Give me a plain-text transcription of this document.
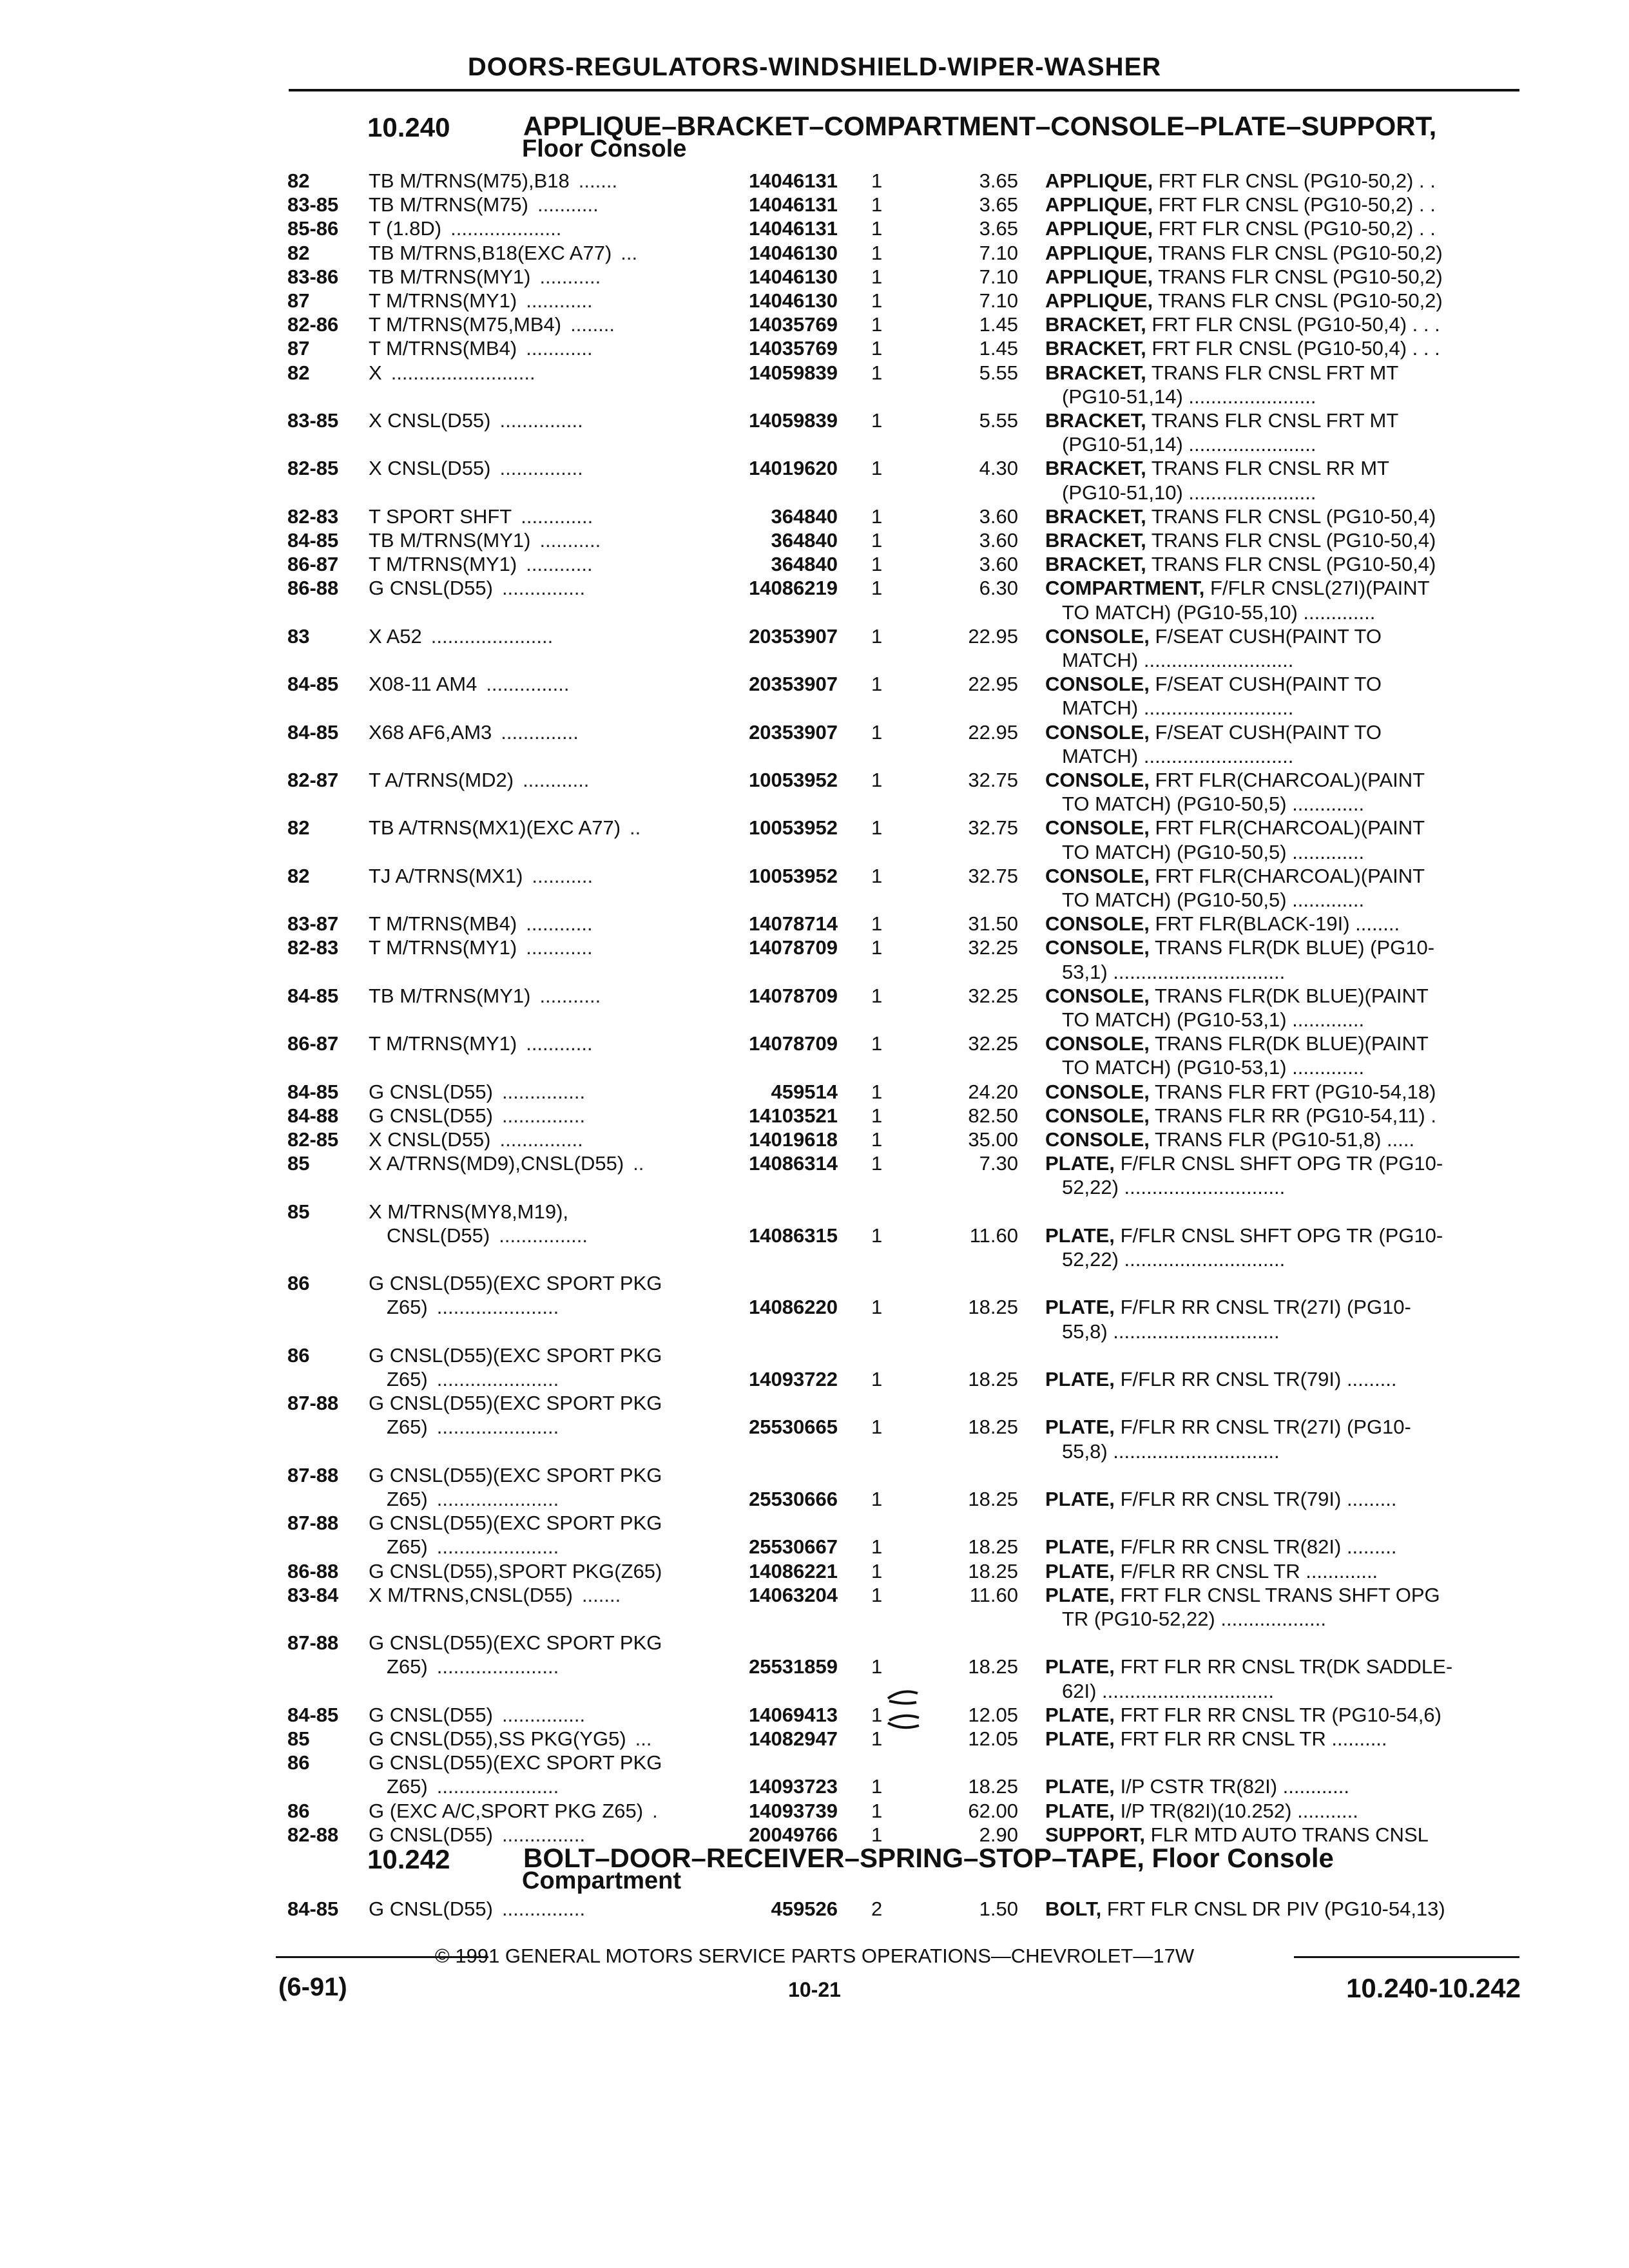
DOORS-REGULATORS-WINDSHIELD-WIPER-WASHER
10.240	APPLIQUE–BRACKET–COMPARTMENT–CONSOLE–PLATE–SUPPORT,
Floor Console
82	TB M/TRNS(M75),B18 .......	14046131 1	3.65 APPLIQUE, FRT FLR CNSL (PG10-50,2) . .
83-85 TB M/TRNS(M75) ...........	14046131 1	3.65 APPLIQUE, FRT FLR CNSL (PG10-50,2) . .
85-86 T (1.8D) ....................	14046131 1	3.65 APPLIQUE, FRT FLR CNSL (PG10-50,2) . .
82	TB M/TRNS,B18(EXC A77) ...	14046130 1	7.10 APPLIQUE, TRANS FLR CNSL (PG10-50,2)
83-86 TB M/TRNS(MY1) ...........	14046130 1	7.10 APPLIQUE, TRANS FLR CNSL (PG10-50,2)
87	T M/TRNS(MY1) ............	14046130 1	7.10 APPLIQUE, TRANS FLR CNSL (PG10-50,2)
82-86 T M/TRNS(M75,MB4) ........	14035769 1	1.45 BRACKET, FRT FLR CNSL (PG10-50,4) . . .
87	T M/TRNS(MB4) ............	14035769 1	1.45 BRACKET, FRT FLR CNSL (PG10-50,4) . . .
82	X ..........................	14059839 1	5.55 BRACKET, TRANS FLR CNSL FRT MT
(PG10-51,14) .......................
83-85 X CNSL(D55) ...............	14059839 1	5.55 BRACKET, TRANS FLR CNSL FRT MT
(PG10-51,14) .......................
82-85 X CNSL(D55) ...............	14019620 1	4.30 BRACKET, TRANS FLR CNSL RR MT
(PG10-51,10) .......................
82-83 T SPORT SHFT .............	364840 1	3.60 BRACKET, TRANS FLR CNSL (PG10-50,4)
84-85 TB M/TRNS(MY1) ...........	364840 1	3.60 BRACKET, TRANS FLR CNSL (PG10-50,4)
86-87 T M/TRNS(MY1) ............	364840 1	3.60 BRACKET, TRANS FLR CNSL (PG10-50,4)
86-88 G CNSL(D55) ...............	14086219 1	6.30 COMPARTMENT, F/FLR CNSL(27I)(PAINT
TO MATCH) (PG10-55,10) .............
83	X A52 ......................	20353907 1	22.95 CONSOLE, F/SEAT CUSH(PAINT TO
MATCH) ...........................
84-85 X08-11 AM4 ...............	20353907 1	22.95 CONSOLE, F/SEAT CUSH(PAINT TO
MATCH) ...........................
84-85 X68 AF6,AM3 ..............	20353907 1	22.95 CONSOLE, F/SEAT CUSH(PAINT TO
MATCH) ...........................
82-87 T A/TRNS(MD2) ............	10053952 1	32.75 CONSOLE, FRT FLR(CHARCOAL)(PAINT
TO MATCH) (PG10-50,5) .............
82	TB A/TRNS(MX1)(EXC A77) ..	10053952 1	32.75 CONSOLE, FRT FLR(CHARCOAL)(PAINT
TO MATCH) (PG10-50,5) .............
82	TJ A/TRNS(MX1) ...........	10053952 1	32.75 CONSOLE, FRT FLR(CHARCOAL)(PAINT
TO MATCH) (PG10-50,5) .............
83-87 T M/TRNS(MB4) ............	14078714 1	31.50 CONSOLE, FRT FLR(BLACK-19I) ........
82-83 T M/TRNS(MY1) ............	14078709 1	32.25 CONSOLE, TRANS FLR(DK BLUE) (PG10-
53,1) ...............................
84-85 TB M/TRNS(MY1) ...........	14078709 1	32.25 CONSOLE, TRANS FLR(DK BLUE)(PAINT
TO MATCH) (PG10-53,1) .............
86-87 T M/TRNS(MY1) ............	14078709 1	32.25 CONSOLE, TRANS FLR(DK BLUE)(PAINT
TO MATCH) (PG10-53,1) .............
84-85 G CNSL(D55) ...............	459514 1	24.20 CONSOLE, TRANS FLR FRT (PG10-54,18)
84-88 G CNSL(D55) ...............	14103521 1	82.50 CONSOLE, TRANS FLR RR (PG10-54,11) .
82-85 X CNSL(D55) ...............	14019618 1	35.00 CONSOLE, TRANS FLR (PG10-51,8) .....
85	X A/TRNS(MD9),CNSL(D55) ..	14086314 1	7.30 PLATE, F/FLR CNSL SHFT OPG TR (PG10-
52,22) .............................
85	X M/TRNS(MY8,M19),
CNSL(D55) ................	14086315 1	11.60 PLATE, F/FLR CNSL SHFT OPG TR (PG10-
52,22) .............................
86	G CNSL(D55)(EXC SPORT PKG
Z65) ......................	14086220 1	18.25 PLATE, F/FLR RR CNSL TR(27I) (PG10-
55,8) ..............................
86	G CNSL(D55)(EXC SPORT PKG
Z65) ......................	14093722 1	18.25 PLATE, F/FLR RR CNSL TR(79I) .........
87-88 G CNSL(D55)(EXC SPORT PKG
Z65) ......................	25530665 1	18.25 PLATE, F/FLR RR CNSL TR(27I) (PG10-
55,8) ..............................
87-88 G CNSL(D55)(EXC SPORT PKG
Z65) ......................	25530666 1	18.25 PLATE, F/FLR RR CNSL TR(79I) .........
87-88 G CNSL(D55)(EXC SPORT PKG
Z65) ......................	25530667 1	18.25 PLATE, F/FLR RR CNSL TR(82I) .........
86-88 G CNSL(D55),SPORT PKG(Z65)	14086221 1	18.25 PLATE, F/FLR RR CNSL TR .............
83-84 X M/TRNS,CNSL(D55) .......	14063204 1	11.60 PLATE, FRT FLR CNSL TRANS SHFT OPG
TR (PG10-52,22) ...................
87-88 G CNSL(D55)(EXC SPORT PKG
Z65) ......................	25531859 1	18.25 PLATE, FRT FLR RR CNSL TR(DK SADDLE-
62I) ...............................
84-85 G CNSL(D55) ...............	14069413 1	12.05 PLATE, FRT FLR RR CNSL TR (PG10-54,6)
85	G CNSL(D55),SS PKG(YG5) ...	14082947 1	12.05 PLATE, FRT FLR RR CNSL TR ..........
86	G CNSL(D55)(EXC SPORT PKG
Z65) ......................	14093723 1	18.25 PLATE, I/P CSTR TR(82I) ............
86	G (EXC A/C,SPORT PKG Z65) .	14093739 1	62.00 PLATE, I/P TR(82I)(10.252) ...........
82-88 G CNSL(D55) ...............	20049766 1	2.90 SUPPORT, FLR MTD AUTO TRANS CNSL
10.242	BOLT–DOOR–RECEIVER–SPRING–STOP–TAPE, Floor Console
Compartment
84-85 G CNSL(D55) ...............	459526 2	1.50 BOLT, FRT FLR CNSL DR PIV (PG10-54,13)
© 1991 GENERAL MOTORS SERVICE PARTS OPERATIONS—CHEVROLET—17W
(6-91)	10-21	10.240-10.242
